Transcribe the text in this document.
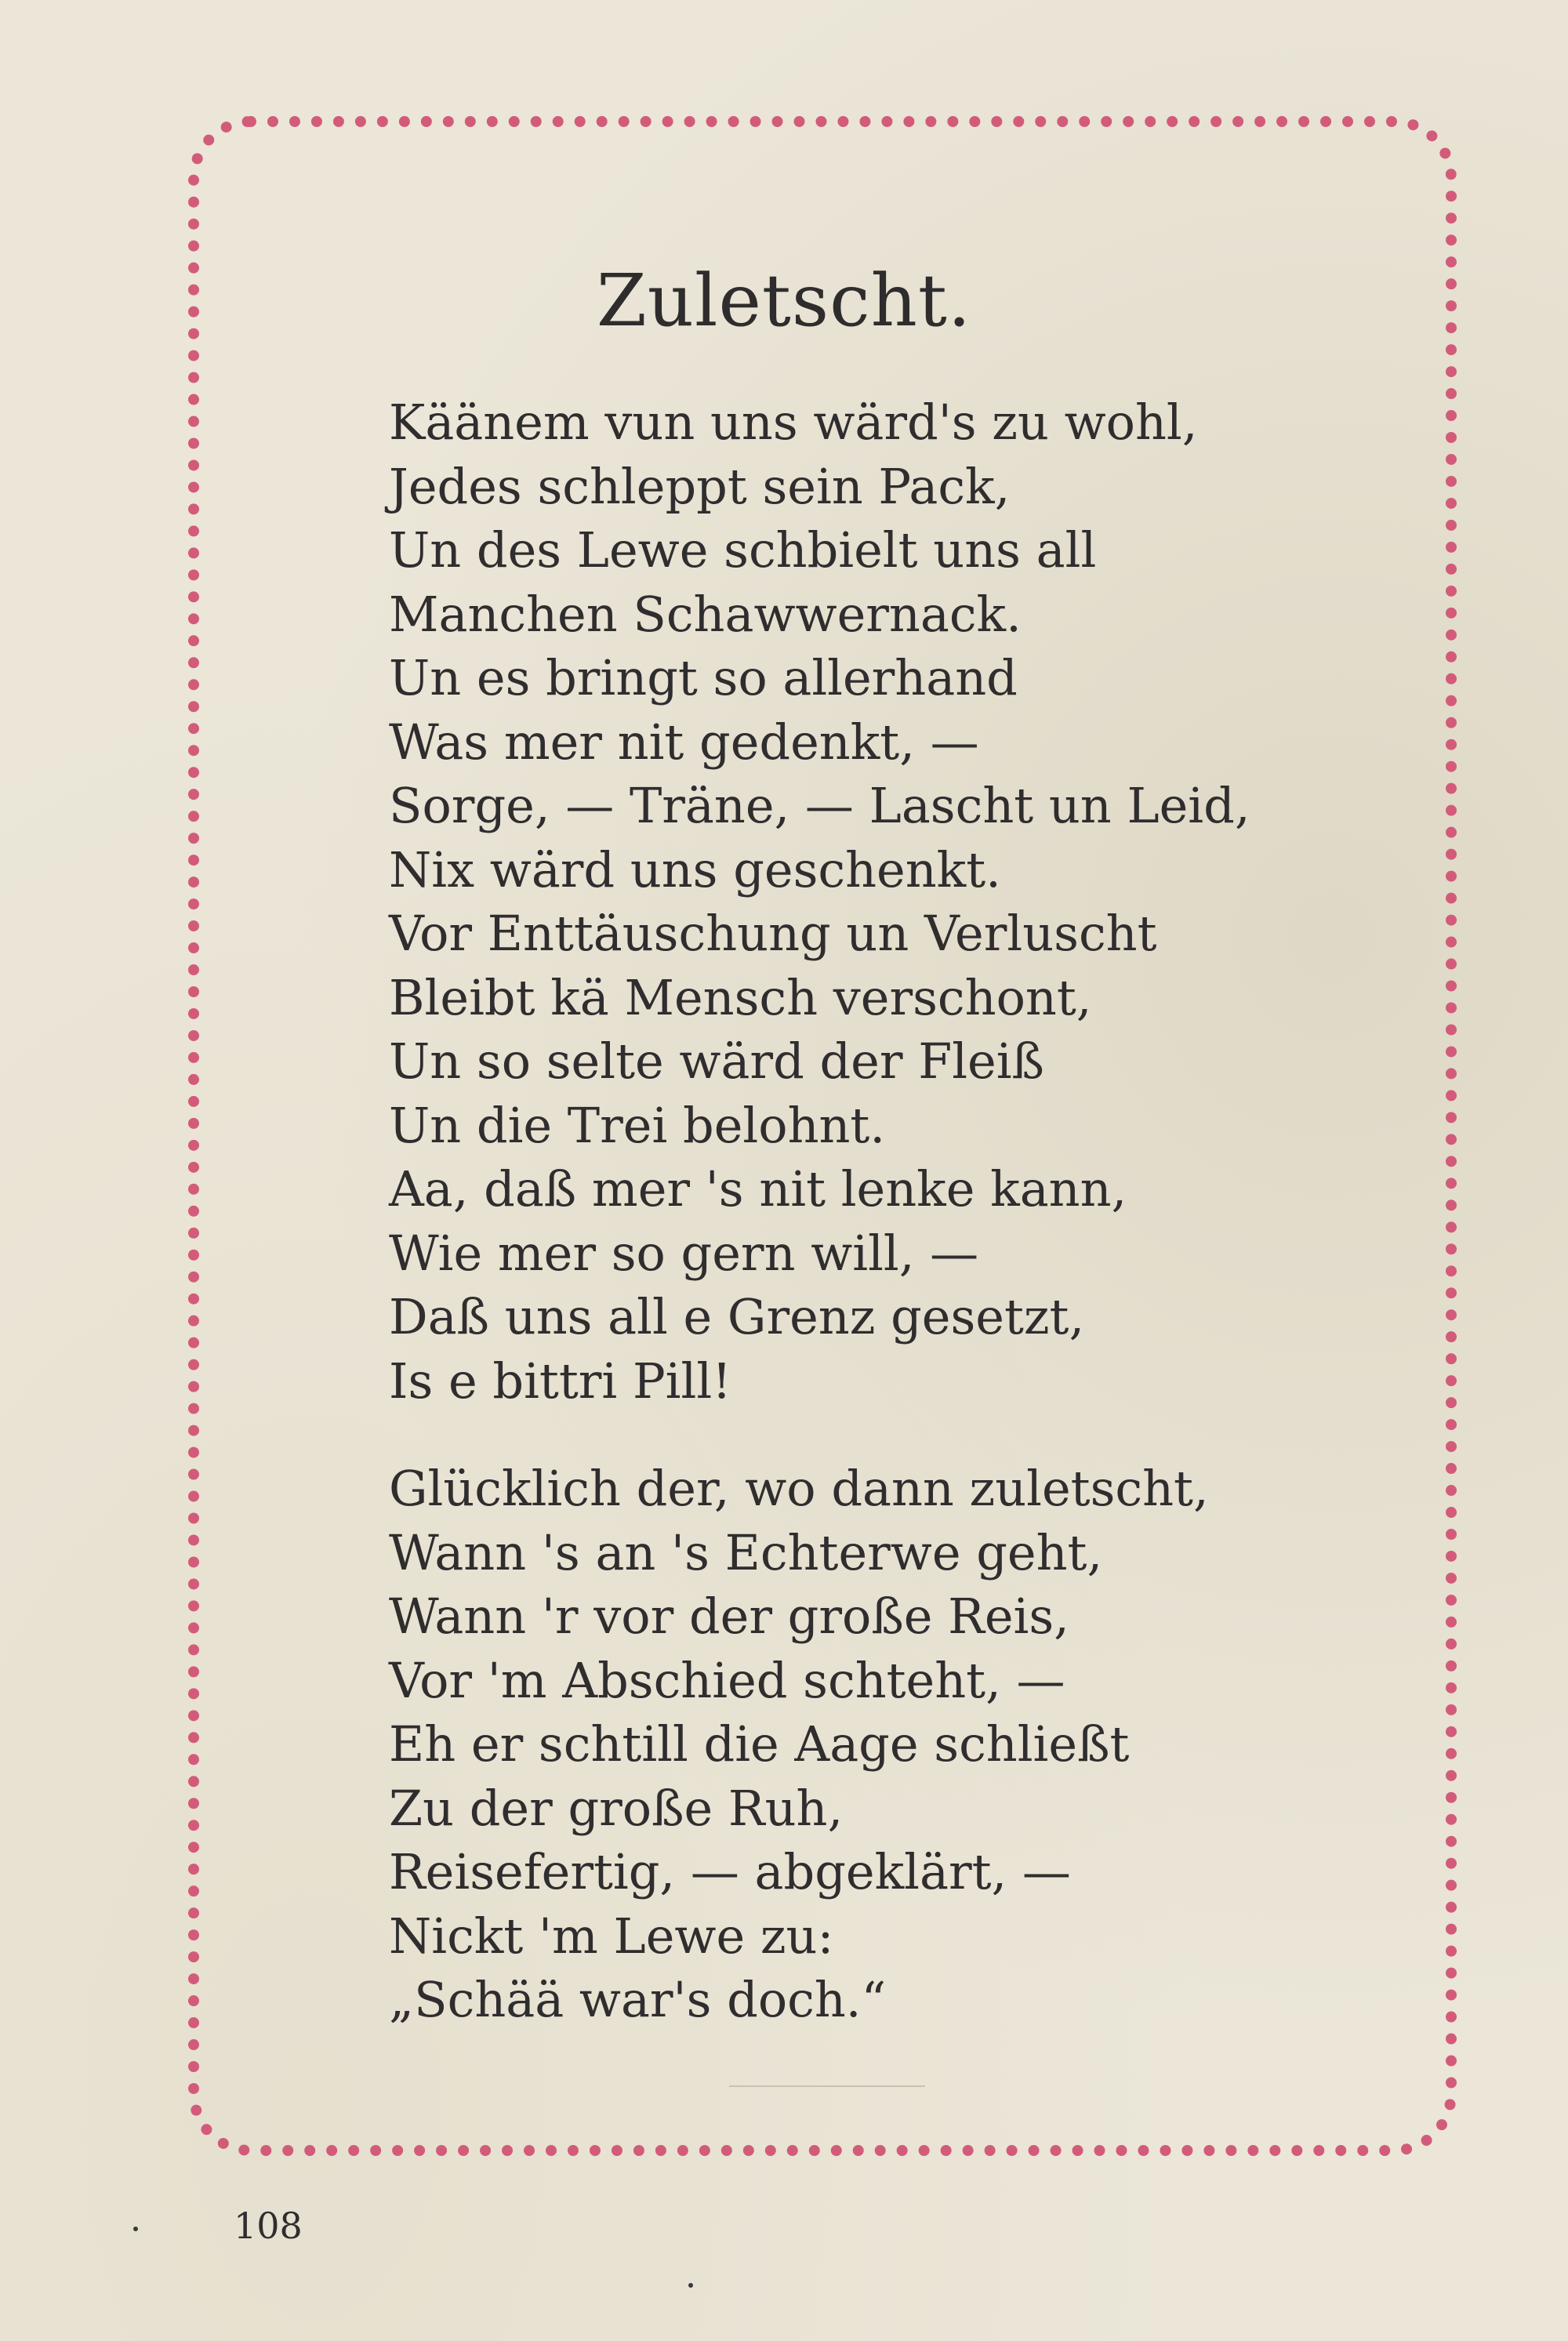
Zuletscht.
Käänem vun uns wärd's zu wohl,
Jedes schleppt sein Pack,
Un des Lewe schbielt uns all
Manchen Schawwernack.
Un es bringt so allerhand
Was mer nit gedenkt, —
Sorge, — Träne, — Lascht un Leid,
Nix wärd uns geschenkt.
Vor Enttäuschung un Verluscht
Bleibt kä Mensch verschont,
Un so selte wärd der Fleiß
Un die Trei belohnt.
Aa, daß mer 's nit lenke kann,
Wie mer so gern will, —
Daß uns all e Grenz gesetzt,
Is e bittri Pill!
Glücklich der, wo dann zuletscht,
Wann 's an 's Echterwe geht,
Wann 'r vor der große Reis,
Vor 'm Abschied schteht, —
Eh er schtill die Aage schließt
Zu der große Ruh,
Reisefertig, — abgeklärt, —
Nickt 'm Lewe zu:
„Schää war's doch.“
108
